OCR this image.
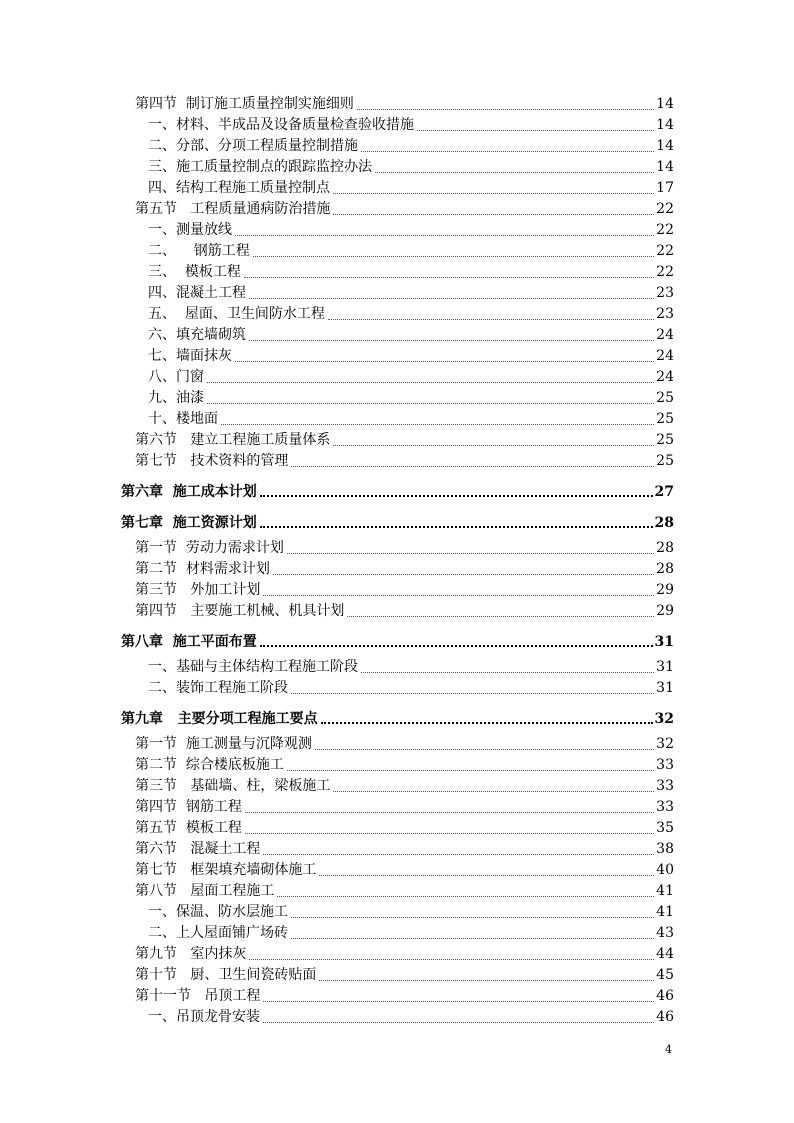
第四节  制订施工质量控制实施细则	14
一、材料、半成品及设备质量检查验收措施	14
二、分部、分项工程质量控制措施	14
三、施工质量控制点的跟踪监控办法	14
四、结构工程施工质量控制点	17
第五节   工程质量通病防治措施	22
一、测量放线	22
二、    钢筋工程	22
三、  模板工程	22
四、混凝土工程	23
五、  屋面、卫生间防水工程	23
六、填充墙砌筑	24
七、墙面抹灰	24
八、门窗	24
九、油漆	25
十、楼地面	25
第六节   建立工程施工质量体系	25
第七节   技术资料的管理	25
第六章  施工成本计划	27
第七章  施工资源计划	28
第一节  劳动力需求计划	28
第二节  材料需求计划	28
第三节   外加工计划	29
第四节   主要施工机械、机具计划	29
第八章  施工平面布置	31
一、基础与主体结构工程施工阶段	31
二、装饰工程施工阶段	31
第九章   主要分项工程施工要点	32
第一节  施工测量与沉降观测	32
第二节  综合楼底板施工	33
第三节   基础墙、柱，梁板施工	33
第四节  钢筋工程	33
第五节  模板工程	35
第六节   混凝土工程	38
第七节   框架填充墙砌体施工	40
第八节   屋面工程施工	41
一、保温、防水层施工	41
二、上人屋面铺广场砖	43
第九节   室内抹灰	44
第十节   厨、卫生间瓷砖贴面	45
第十一节   吊顶工程	46
一、吊顶龙骨安装	46
4
